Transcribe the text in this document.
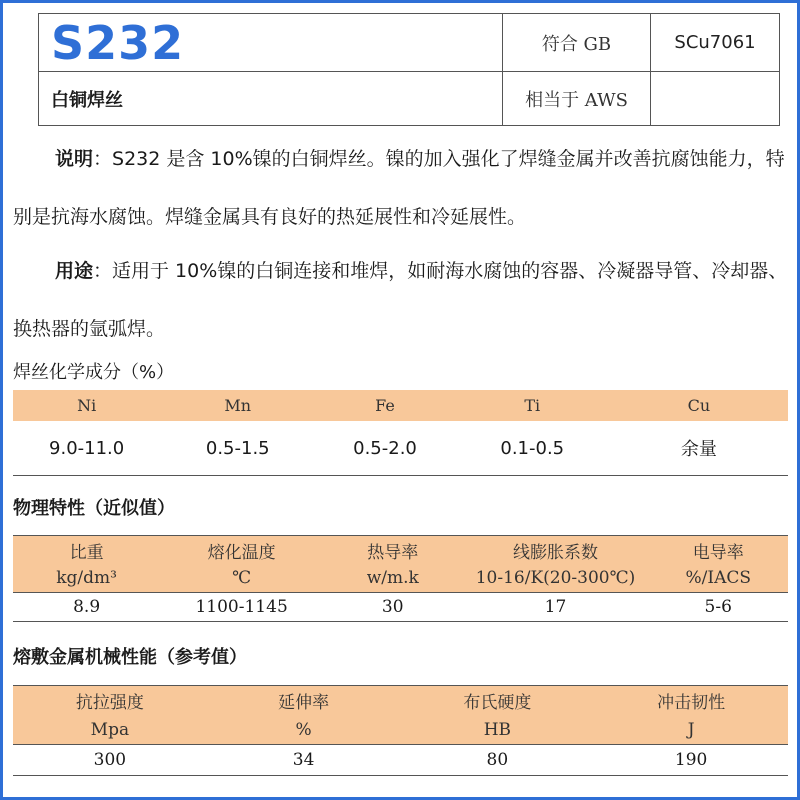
S232	符合 GB	SCu7061
白铜焊丝	相当于 AWS
说明：S232 是含 10%镍的白铜焊丝。镍的加入强化了焊缝金属并改善抗腐蚀能力，特别是抗海水腐蚀。焊缝金属具有良好的热延展性和冷延展性。
用途：适用于 10%镍的白铜连接和堆焊，如耐海水腐蚀的容器、冷凝器导管、冷却器、换热器的氩弧焊。
焊丝化学成分（%）
Ni	Mn	Fe	Ti	Cu
9.0-11.0	0.5-1.5	0.5-2.0	0.1-0.5	余量
物理特性（近似值）
比重	熔化温度	热导率	线膨胀系数	电导率
kg/dm³	℃	w/m.k	10-16/K(20-300℃)	%/IACS
8.9	1100-1145	30	17	5-6
熔敷金属机械性能（参考值）
抗拉强度	延伸率	布氏硬度	冲击韧性
Mpa	%	HB	J
300	34	80	190
